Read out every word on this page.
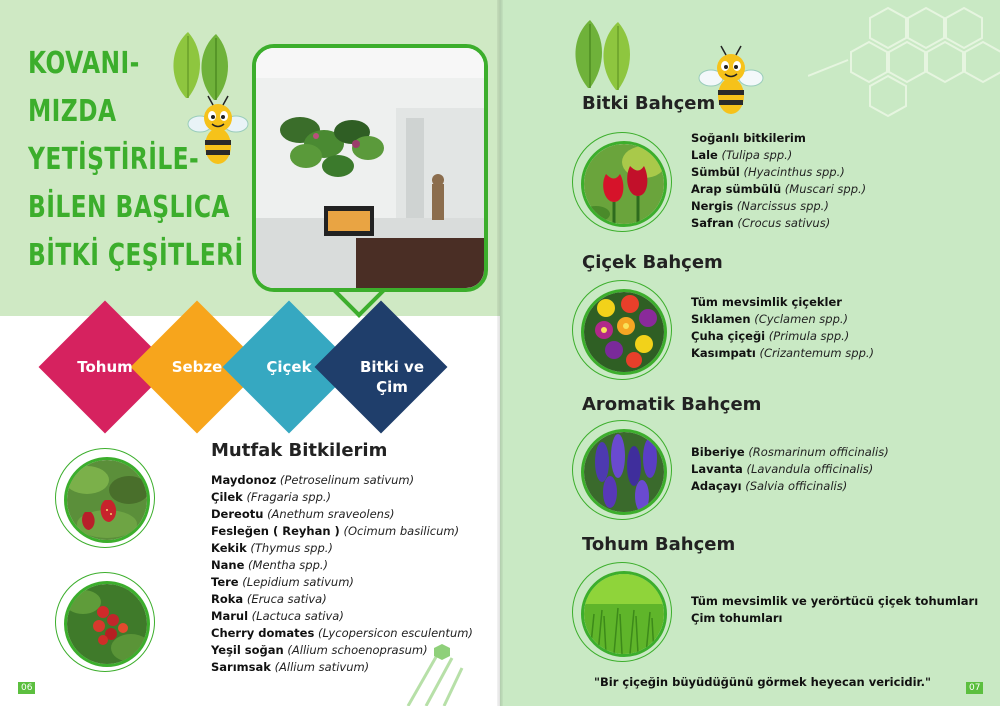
KOVANI-
MIZDA
YETİŞTİRİLE-
BİLEN BAŞLICA
BİTKİ ÇEŞİTLERİ
Tohum	Sebze	Çiçek	Bitki ve Çim
Mutfak Bitkilerim
Maydonoz (Petroselinum sativum)
Çilek (Fragaria spp.)
Dereotu (Anethum sraveolens)
Fesleğen ( Reyhan ) (Ocimum basilicum)
Kekik (Thymus spp.)
Nane (Mentha spp.)
Tere (Lepidium sativum)
Roka (Eruca sativa)
Marul (Lactuca sativa)
Cherry domates (Lycopersicon esculentum)
Yeşil soğan (Allium schoenoprasum)
Sarımsak (Allium sativum)
06
Bitki Bahçem
Soğanlı bitkilerim
Lale (Tulipa spp.)
Sümbül (Hyacinthus spp.)
Arap sümbülü (Muscari spp.)
Nergis (Narcissus spp.)
Safran (Crocus sativus)
Çiçek Bahçem
Tüm mevsimlik çiçekler
Sıklamen (Cyclamen spp.)
Çuha çiçeği (Primula spp.)
Kasımpatı (Crizantemum spp.)
Aromatik Bahçem
Biberiye (Rosmarinum officinalis)
Lavanta (Lavandula officinalis)
Adaçayı (Salvia officinalis)
Tohum Bahçem
Tüm mevsimlik ve yerörtücü çiçek tohumları
Çim tohumları
"Bir çiçeğin büyüdüğünü görmek heyecan vericidir."	07
